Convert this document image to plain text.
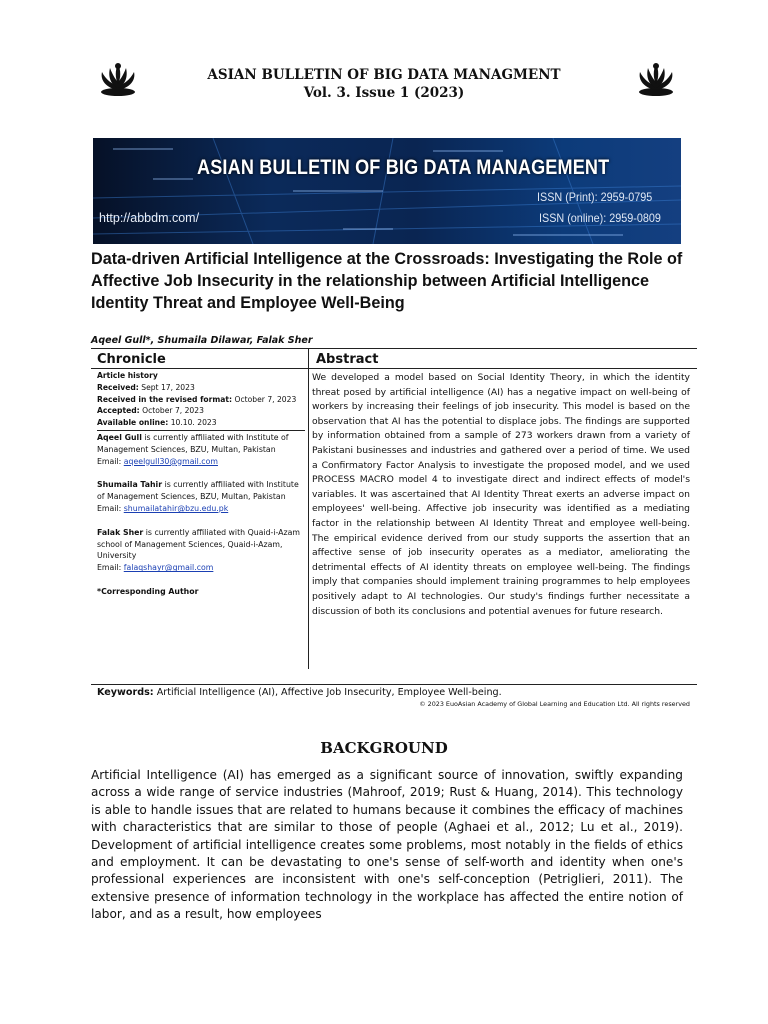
ASIAN BULLETIN OF BIG DATA MANAGMENT
Vol. 3. Issue 1 (2023)
ASIAN BULLETIN OF BIG DATA MANAGEMENT
http://abbdm.com/
ISSN (Print): 2959-0795
ISSN (online): 2959-0809
Data-driven Artificial Intelligence at the Crossroads: Investigating the Role of Affective Job Insecurity in the relationship between Artificial Intelligence Identity Threat and Employee Well-Being
Aqeel Gull*, Shumaila Dilawar, Falak Sher
Chronicle	Abstract
Article history
Received: Sept 17, 2023
Received in the revised format: October 7, 2023
Accepted: October 7, 2023
Available online: 10.10. 2023
Aqeel Gull is currently affiliated with Institute of Management Sciences, BZU, Multan, Pakistan
Email: aqeelgull30@gmail.com
Shumaila Tahir is currently affiliated with Institute of Management Sciences, BZU, Multan, Pakistan
Email: shumailatahir@bzu.edu.pk
Falak Sher is currently affiliated with Quaid-i-Azam school of Management Sciences, Quaid-i-Azam, University
Email: falaqshayr@gmail.com
*Corresponding Author
We developed a model based on Social Identity Theory, in which the identity threat posed by artificial intelligence (AI) has a negative impact on well-being of workers by increasing their feelings of job insecurity. This model is based on the observation that AI has the potential to displace jobs. The findings are supported by information obtained from a sample of 273 workers drawn from a variety of Pakistani businesses and industries and gathered over a period of time. We used a Confirmatory Factor Analysis to investigate the proposed model, and we used PROCESS MACRO model 4 to investigate direct and indirect effects of model's variables. It was ascertained that AI Identity Threat exerts an adverse impact on employees' well-being. Affective job insecurity was identified as a mediating factor in the relationship between AI Identity Threat and employee well-being. The empirical evidence derived from our study supports the assertion that an affective sense of job insecurity operates as a mediator, ameliorating the detrimental effects of AI identity threats on employee well-being. The findings imply that companies should implement training programmes to help employees positively adapt to AI technologies. Our study's findings further necessitate a discussion of both its conclusions and potential avenues for future research.
Keywords: Artificial Intelligence (AI), Affective Job Insecurity, Employee Well-being.
© 2023 EuoAsian Academy of Global Learning and Education Ltd. All rights reserved
BACKGROUND
Artificial Intelligence (AI) has emerged as a significant source of innovation, swiftly expanding across a wide range of service industries (Mahroof, 2019; Rust & Huang, 2014). This technology is able to handle issues that are related to humans because it combines the efficacy of machines with characteristics that are similar to those of people (Aghaei et al., 2012; Lu et al., 2019). Development of artificial intelligence creates some problems, most notably in the fields of ethics and employment. It can be devastating to one's sense of self-worth and identity when one's professional experiences are inconsistent with one's self-conception (Petriglieri, 2011). The extensive presence of information technology in the workplace has affected the entire notion of labor, and as a result, how employees
